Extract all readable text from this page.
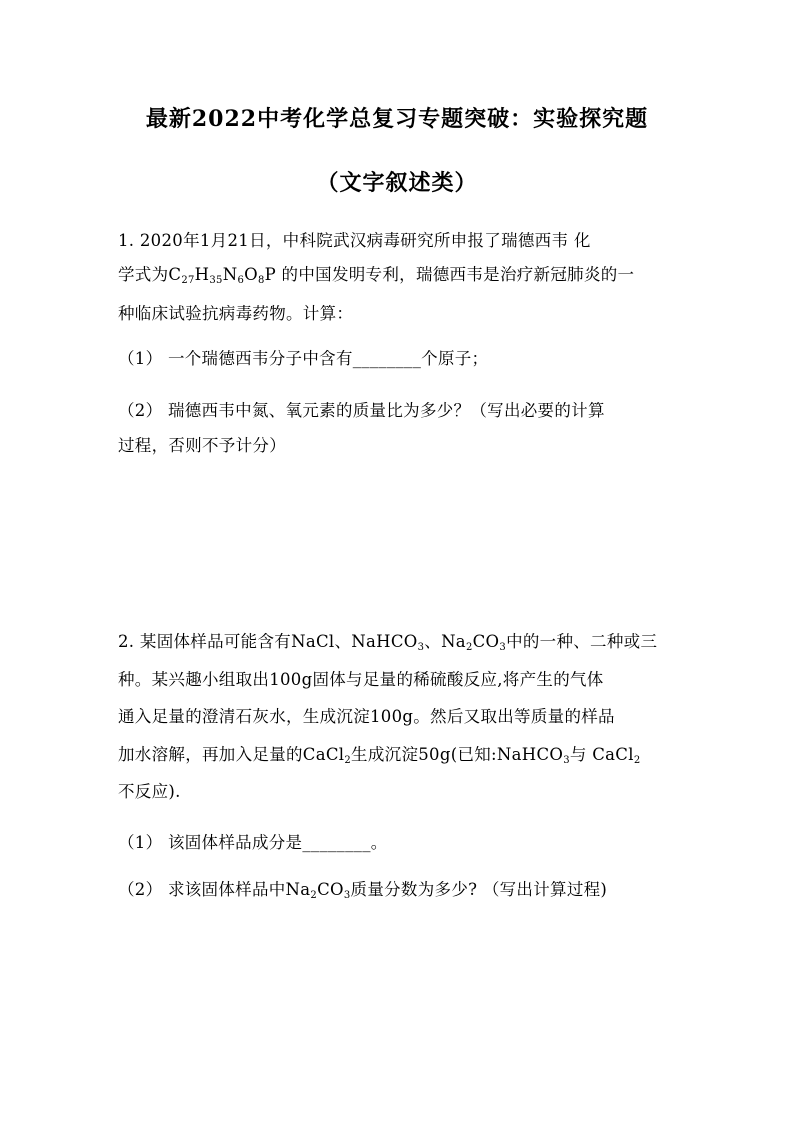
最新2022中考化学总复习专题突破：实验探究题
（文字叙述类）
1. 2020年1月21日，中科院武汉病毒研究所申报了瑞德西韦 化
学式为$C_{27}H_{35}N_6O_8P$ 的中国发明专利，瑞德西韦是治疗新冠肺炎的一
种临床试验抗病毒药物。计算：
（1） 一个瑞德西韦分子中含有________个原子；
（2） 瑞德西韦中氮、氧元素的质量比为多少？（写出必要的计算
过程，否则不予计分）
2. 某固体样品可能含有NaCl、NaHCO$_3$、$Na_2CO_3$中的一种、二种或三
种。某兴趣小组取出100g固体与足量的稀硫酸反应,将产生的气体
通入足量的澄清石灰水，生成沉淀100g。然后又取出等质量的样品
加水溶解，再加入足量的CaCl$_2$生成沉淀50g(已知:NaHCO$_3$与 CaCl$_2$
不反应).
（1） 该固体样品成分是________。
（2） 求该固体样品中$Na_2CO_3$质量分数为多少? （写出计算过程)
